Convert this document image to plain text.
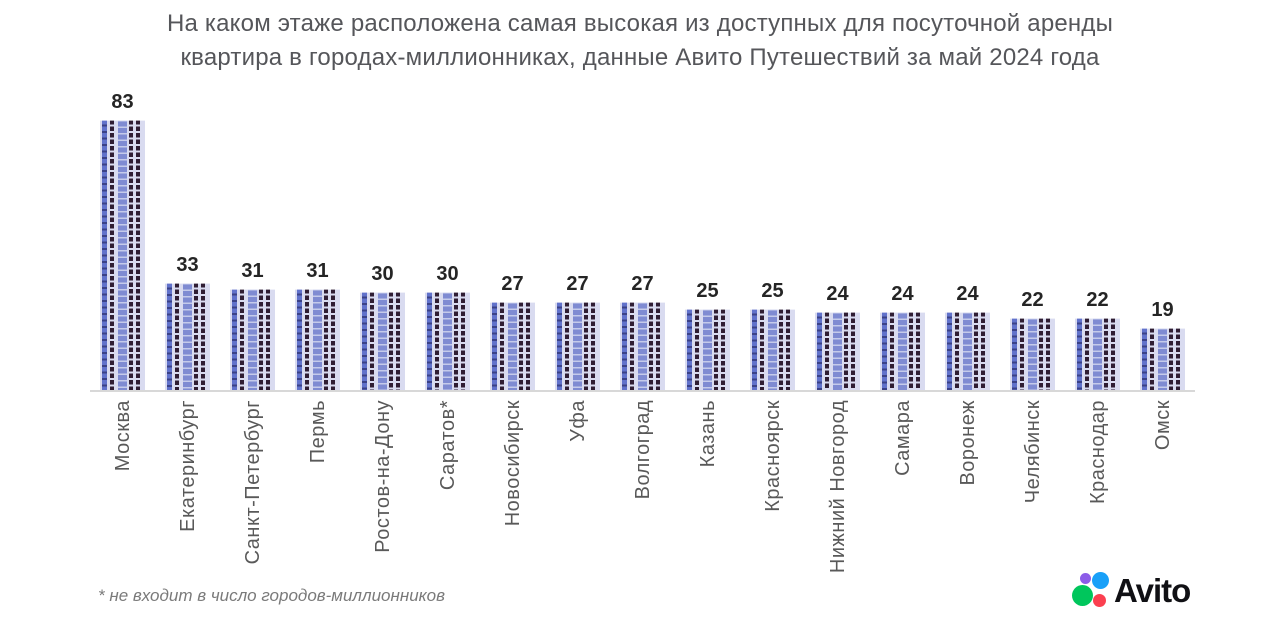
На каком этаже расположена самая высокая из доступных для посуточной аренды
квартира в городах-миллионниках, данные Авито Путешествий за май 2024 года
83
33 31 31 30 30 27 27 27 25 25 24 24 24 22 22 19
Москва Екатеринбург Санкт-Петербург Пермь Ростов-на-Дону Саратов* Новосибирск Уфа Волгоград Казань Красноярск Нижний Новгород Самара Воронеж Челябинск Краснодар Омск
* не входит в число городов-миллионников	Avito
